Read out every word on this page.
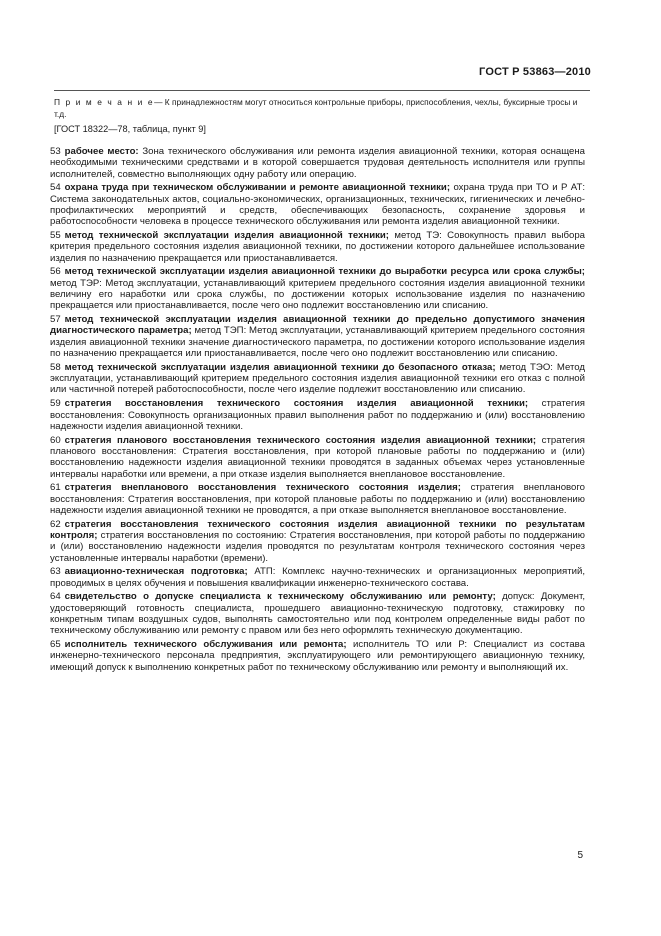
ГОСТ Р 53863—2010
П р и м е ч а н и е— К принадлежностям могут относиться контрольные приборы, приспособления, чехлы, буксирные тросы и т.д.
[ГОСТ 18322—78, таблица, пункт 9]

53 рабочее место: Зона технического обслуживания или ремонта изделия авиационной техники, которая оснащена необходимыми техническими средствами и в которой совершается трудовая деятельность исполнителя или группы исполнителей, совместно выполняющих одну работу или операцию.

54 охрана труда при техническом обслуживании и ремонте авиационной техники; охрана труда при ТО и Р АТ: Система законодательных актов, социально-экономических, организационных, технических, гигиенических и лечебно-профилактических мероприятий и средств, обеспечивающих безопасность, сохранение здоровья и работоспособности человека в процессе технического обслуживания или ремонта изделия авиационной техники.

55 метод технической эксплуатации изделия авиационной техники; метод ТЭ: Совокупность правил выбора критерия предельного состояния изделия авиационной техники, по достижении которого дальнейшее использование изделия по назначению прекращается или приостанавливается.

56 метод технической эксплуатации изделия авиационной техники до выработки ресурса или срока службы; метод ТЭР: Метод эксплуатации, устанавливающий критерием предельного состояния изделия авиационной техники величину его наработки или срока службы, по достижении которых использование изделия по назначению прекращается или приостанавливается, после чего оно подлежит восстановлению или списанию.

57 метод технической эксплуатации изделия авиационной техники до предельно допустимого значения диагностического параметра; метод ТЭП: Метод эксплуатации, устанавливающий критерием предельного состояния изделия авиационной техники значение диагностического параметра, по достижении которого использование изделия по назначению прекращается или приостанавливается, после чего оно подлежит восстановлению или списанию.

58 метод технической эксплуатации изделия авиационной техники до безопасного отказа; метод ТЭО: Метод эксплуатации, устанавливающий критерием предельного состояния изделия авиационной техники его отказ с полной или частичной потерей работоспособности, после чего изделие подлежит восстановлению или списанию.

59 стратегия восстановления технического состояния изделия авиационной техники; стратегия восстановления: Совокупность организационных правил выполнения работ по поддержанию и (или) восстановлению надежности изделия авиационной техники.

60 стратегия планового восстановления технического состояния изделия авиационной техники; стратегия планового восстановления: Стратегия восстановления, при которой плановые работы по поддержанию и (или) восстановлению надежности изделия авиационной техники проводятся в заданных объемах через установленные интервалы наработки или времени, а при отказе изделия выполняется внеплановое восстановление.

61 стратегия внепланового восстановления технического состояния изделия; стратегия внепланового восстановления: Стратегия восстановления, при которой плановые работы по поддержанию и (или) восстановлению надежности изделия авиационной техники не проводятся, а при отказе выполняется внеплановое восстановление.

62 стратегия восстановления технического состояния изделия авиационной техники по результатам контроля; стратегия восстановления по состоянию: Стратегия восстановления, при которой работы по поддержанию и (или) восстановлению надежности изделия проводятся по результатам контроля технического состояния через установленные интервалы наработки (времени).

63 авиационно-техническая подготовка; АТП: Комплекс научно-технических и организационных мероприятий, проводимых в целях обучения и повышения квалификации инженерно-технического состава.

64 свидетельство о допуске специалиста к техническому обслуживанию или ремонту; допуск: Документ, удостоверяющий готовность специалиста, прошедшего авиационно-техническую подготовку, стажировку по конкретным типам воздушных судов, выполнять самостоятельно или под контролем определенные виды работ по техническому обслуживанию или ремонту с правом или без него оформлять техническую документацию.

65 исполнитель технического обслуживания или ремонта; исполнитель ТО или Р: Специалист из состава инженерно-технического персонала предприятия, эксплуатирующего или ремонтирующего авиационную технику, имеющий допуск к выполнению конкретных работ по техническому обслуживанию или ремонту и выполняющий их.

5
